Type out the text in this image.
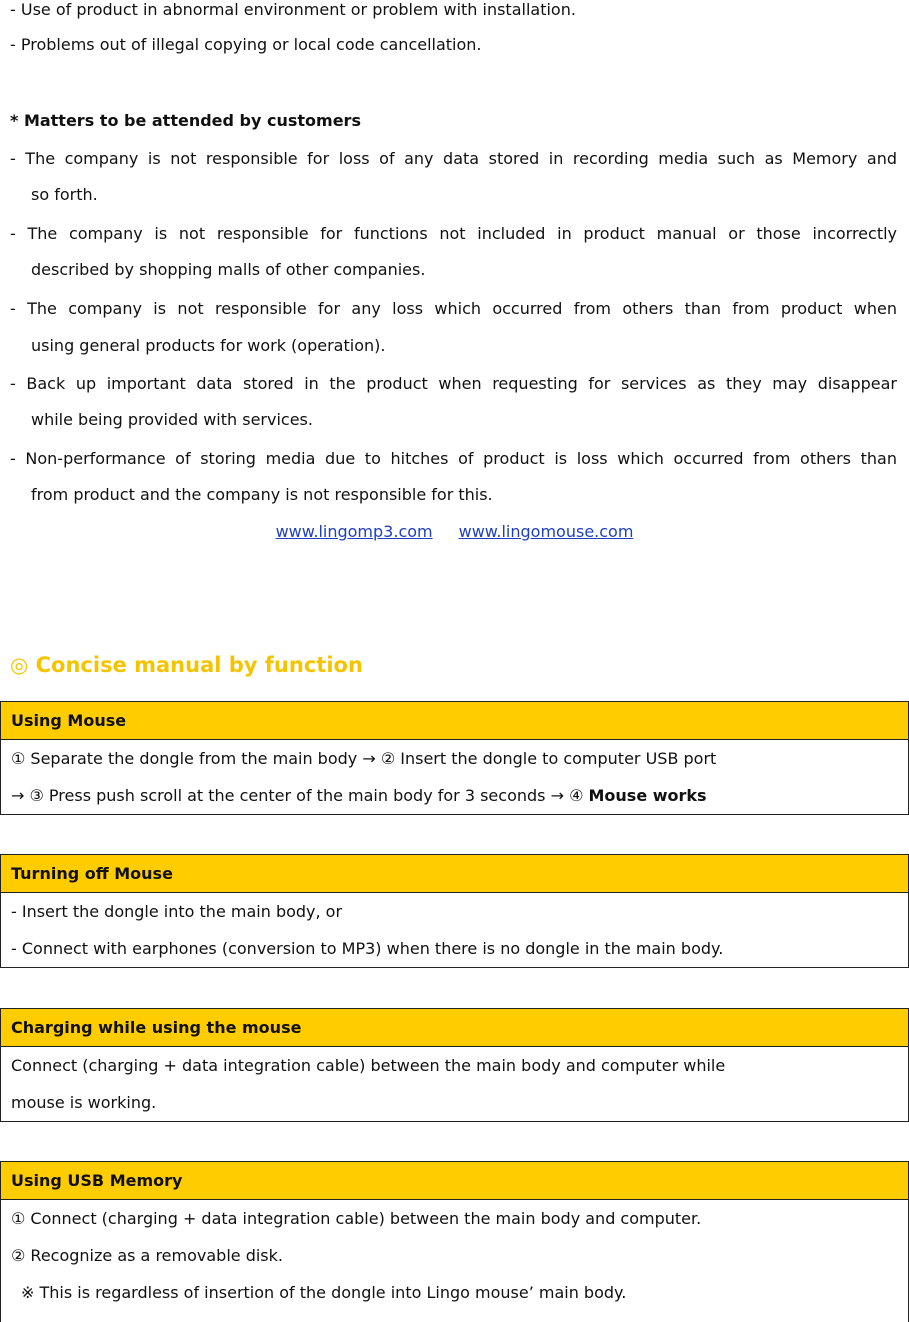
- Use of product in abnormal environment or problem with installation.
- Problems out of illegal copying or local code cancellation.
* Matters to be attended by customers
- The company is not responsible for loss of any data stored in recording media such as Memory and
so forth.
- The company is not responsible for functions not included in product manual or those incorrectly
described by shopping malls of other companies.
- The company is not responsible for any loss which occurred from others than from product when
using general products for work (operation).
- Back up important data stored in the product when requesting for services as they may disappear
while being provided with services.
- Non-performance of storing media due to hitches of product is loss which occurred from others than
from product and the company is not responsible for this.
www.lingomp3.com www.lingomouse.com
◎ Concise manual by function
Using Mouse
① Separate the dongle from the main body → ② Insert the dongle to computer USB port
→ ③ Press push scroll at the center of the main body for 3 seconds → ④ Mouse works
Turning off Mouse
- Insert the dongle into the main body, or
- Connect with earphones (conversion to MP3) when there is no dongle in the main body.
Charging while using the mouse
Connect (charging + data integration cable) between the main body and computer while
mouse is working.
Using USB Memory
① Connect (charging + data integration cable) between the main body and computer.
② Recognize as a removable disk.
※ This is regardless of insertion of the dongle into Lingo mouse’ main body.
